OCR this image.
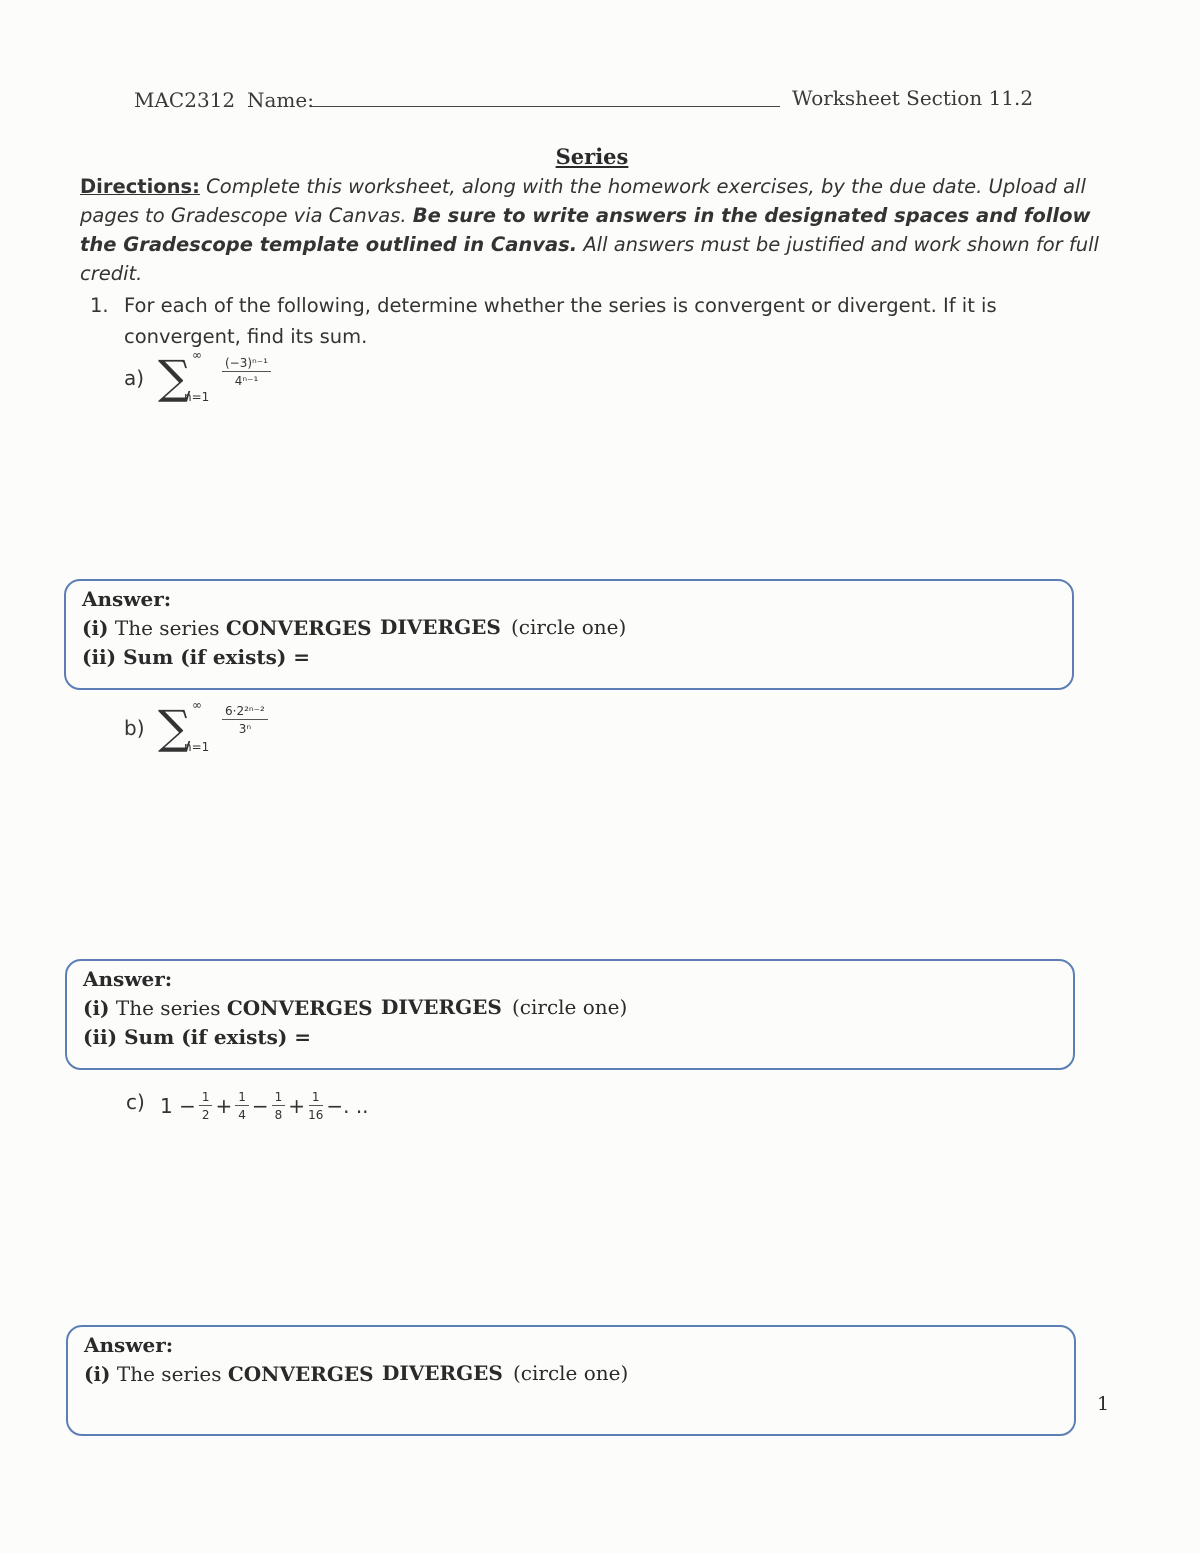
MAC2312 Name:	Worksheet Section 11.2
Series
Directions: Complete this worksheet, along with the homework exercises, by the due date. Upload all pages to Gradescope via Canvas. Be sure to write answers in the designated spaces and follow the Gradescope template outlined in Canvas. All answers must be justified and work shown for full credit.
1. For each of the following, determine whether the series is convergent or divergent. If it is convergent, find its sum.
a) ∑ ∞
n=1
$\frac{\text{(−3)ⁿ⁻¹}}{\text{4ⁿ⁻¹}}$
Answer:
(i) The series CONVERGES DIVERGES (circle one)
(ii) Sum (if exists) =
b) ∑ ∞
n=1
$\frac{\text{6·2²ⁿ⁻²}}{\text{3ⁿ}}$
Answer:
(i) The series CONVERGES DIVERGES (circle one)
(ii) Sum (if exists) =
c) $1 - \frac{1}{2} + \frac{1}{4} - \frac{1}{8} + \frac{1}{16}$ −. ..
Answer:
(i) The series CONVERGES DIVERGES (circle one)
1
